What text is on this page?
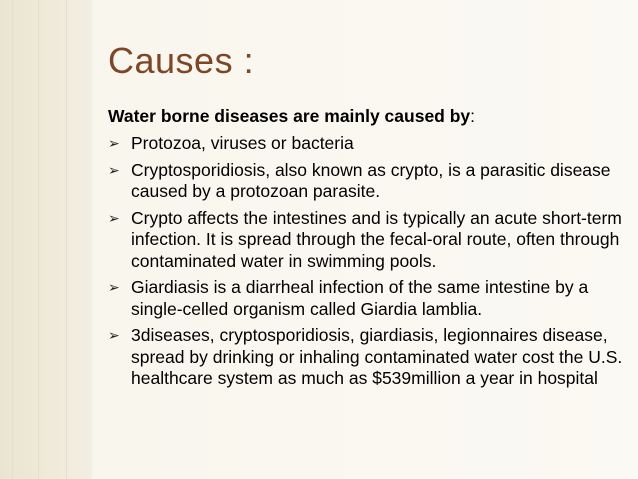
Causes :
Water borne diseases are mainly caused by:
➢ Protozoa, viruses or bacteria
➢ Cryptosporidiosis, also known as crypto, is a parasitic disease caused by a protozoan parasite.
➢ Crypto affects the intestines and is typically an acute short-term infection. It is spread through the fecal-oral route, often through contaminated water in swimming pools.
➢ Giardiasis is a diarrheal infection of the same intestine by a single-celled organism called Giardia lamblia.
➢ 3diseases, cryptosporidiosis, giardiasis, legionnaires disease, spread by drinking or inhaling contaminated water cost the U.S. healthcare system as much as $539million a year in hospital
